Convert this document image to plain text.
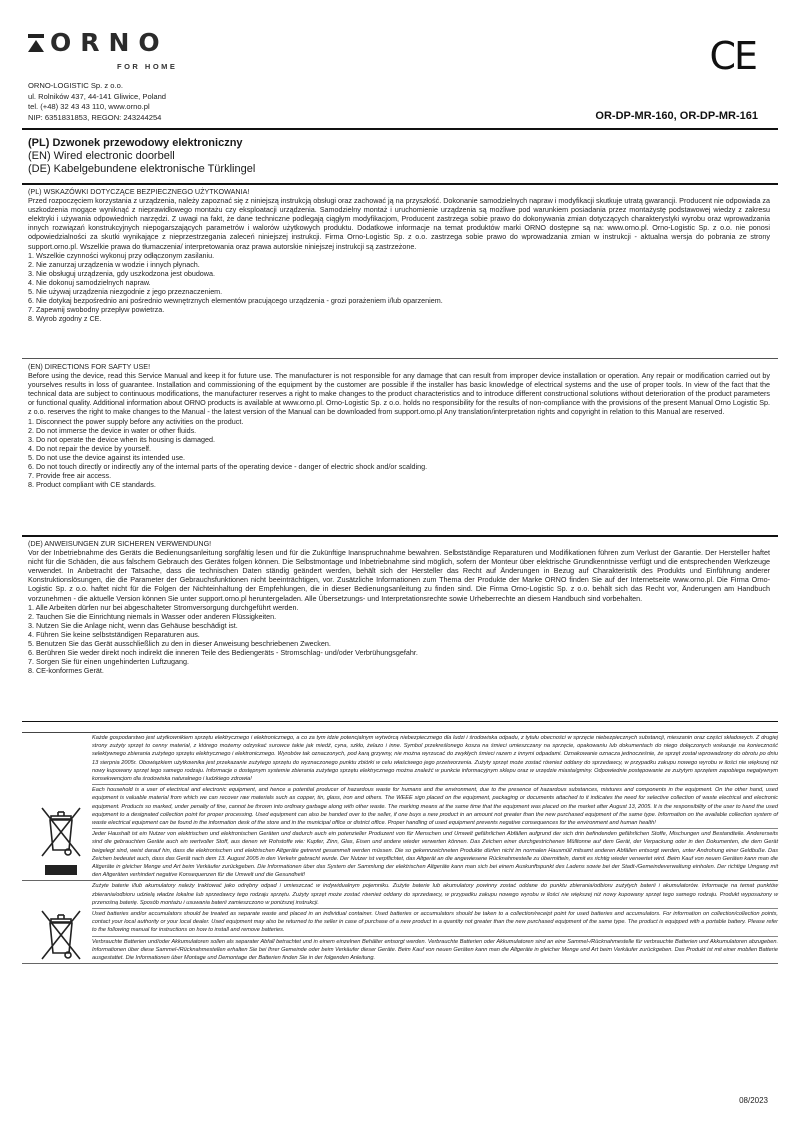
ORNO
FOR HOME
ORNO-LOGISTIC Sp. z o.o.
ul. Rolników 437, 44-141 Gliwice, Poland
tel. (+48) 32 43 43 110, www.orno.pl
NIP: 6351831853, REGON: 243244254
CE
OR-DP-MR-160, OR-DP-MR-161
(PL) Dzwonek przewodowy elektroniczny
(EN) Wired electronic doorbell
(DE) Kabelgebundene elektronische Türklingel
(PL) WSKAZÓWKI DOTYCZĄCE BEZPIECZNEGO UŻYTKOWANIA!
Przed rozpoczęciem korzystania z urządzenia, należy zapoznać się z niniejszą instrukcją obsługi oraz zachować ją na przyszłość. Dokonanie samodzielnych napraw i modyfikacji skutkuje utratą gwarancji. Producent nie odpowiada za uszkodzenia mogące wyniknąć z nieprawidłowego montażu czy eksploatacji urządzenia. Samodzielny montaż i uruchomienie urządzenia są możliwe pod warunkiem posiadania przez montażystę podstawowej wiedzy z zakresu elektryki i używania odpowiednich narzędzi. Z uwagi na fakt, że dane techniczne podlegają ciągłym modyfikacjom, Producent zastrzega sobie prawo do dokonywania zmian dotyczących charakterystyki wyrobu oraz wprowadzania innych rozwiązań konstrukcyjnych niepogarszających parametrów i walorów użytkowych produktu. Dodatkowe informacje na temat produktów marki ORNO dostępne są na: www.orno.pl. Orno-Logistic Sp. z o.o. nie ponosi odpowiedzialności za skutki wynikające z nieprzestrzegania zaleceń niniejszej instrukcji. Firma Orno-Logistic Sp. z o.o. zastrzega sobie prawo do wprowadzania zmian w instrukcji - aktualna wersja do pobrania ze strony support.orno.pl. Wszelkie prawa do tłumaczenia/ interpretowania oraz prawa autorskie niniejszej instrukcji są zastrzeżone.
1. Wszelkie czynności wykonuj przy odłączonym zasilaniu.
2. Nie zanurzaj urządzenia w wodzie i innych płynach.
3. Nie obsługuj urządzenia, gdy uszkodzona jest obudowa.
4. Nie dokonuj samodzielnych napraw.
5. Nie używaj urządzenia niezgodnie z jego przeznaczeniem.
6. Nie dotykaj bezpośrednio ani pośrednio wewnętrznych elementów pracującego urządzenia - grozi porażeniem i/lub oparzeniem.
7. Zapewnij swobodny przepływ powietrza.
8. Wyrob zgodny z CE.
(EN) DIRECTIONS FOR SAFTY USE!
Before using the device, read this Service Manual and keep it for future use. The manufacturer is not responsible for any damage that can result from improper device installation or operation. Any repair or modification carried out by yourselves results in loss of guarantee. Installation and commissioning of the equipment by the customer are possible if the installer has basic knowledge of electrical systems and the use of proper tools. In view of the fact that the technical data are subject to continuous modifications, the manufacturer reserves a right to make changes to the product characteristics and to introduce different constructional solutions without deterioration of the product parameters or functional quality. Additional information about ORNO products is available at www.orno.pl. Orno-Logistic Sp. z o.o. holds no responsibility for the results of non-compliance with the provisions of the present Manual Orno Logistic Sp. z o.o. reserves the right to make changes to the Manual - the latest version of the Manual can be downloaded from support.orno.pl Any translation/interpretation rights and copyright in relation to this Manual are reserved.
1. Disconnect the power supply before any activities on the product.
2. Do not immerse the device in water or other fluids.
3. Do not operate the device when its housing is damaged.
4. Do not repair the device by yourself.
5. Do not use the device against its intended use.
6. Do not touch directly or indirectly any of the internal parts of the operating device - danger of electric shock and/or scalding.
7. Provide free air access.
8. Product compliant with CE standards.
(DE) ANWEISUNGEN ZUR SICHEREN VERWENDUNG!
Vor der Inbetriebnahme des Geräts die Bedienungsanleitung sorgfältig lesen und für die Zukünftige Inanspruchnahme bewahren. Selbstständige Reparaturen und Modifikationen führen zum Verlust der Garantie. Der Hersteller haftet nicht für die Schäden, die aus falschem Gebrauch des Gerätes folgen können. Die Selbstmontage und Inbetriebnahme sind möglich, sofern der Monteur über elektrische Grundkenntnisse verfügt und die entsprechenden Werkzeuge verwendet. In Anbetracht der Tatsache, dass die technischen Daten ständig geändert werden, behält sich der Hersteller das Recht auf Änderungen in Bezug auf Charakteristik des Produkts und Einführung anderer Konstruktionslösungen, die die Parameter der Gebrauchsfunktionen nicht beeinträchtigen, vor. Zusätzliche Informationen zum Thema der Produkte der Marke ORNO finden Sie auf der Internetseite www.orno.pl. Die Firma Orno-Logistic Sp. z o.o. haftet nicht für die Folgen der Nichteinhaltung der Empfehlungen, die in dieser Bedienungsanleitung zu finden sind. Die Firma Orno-Logistic Sp. z o.o. behält sich das Recht vor, Änderungen am Handbuch vorzunehmen - die aktuelle Version können Sie unter support.orno.pl heruntergeladen. Alle Übersetzungs- und Interpretationsrechte sowie Urheberrechte an diesem Handbuch sind vorbehalten.
1. Alle Arbeiten dürfen nur bei abgeschalteter Stromversorgung durchgeführt werden.
2. Tauchen Sie die Einrichtung niemals in Wasser oder anderen Flüssigkeiten.
3. Nutzen Sie die Anlage nicht, wenn das Gehäuse beschädigt ist.
4. Führen Sie keine selbstständigen Reparaturen aus.
5. Benutzen Sie das Gerät ausschließlich zu den in dieser Anweisung beschriebenen Zwecken.
6. Berühren Sie weder direkt noch indirekt die inneren Teile des Bediengeräts - Stromschlag- und/oder Verbrühungsgefahr.
7. Sorgen Sie für einen ungehinderten Luftzugang.
8. CE-konformes Gerät.
Każde gospodarstwo jest użytkownikiem sprzętu elektrycznego i elektronicznego, a co za tym idzie potencjalnym wytwórcą niebezpiecznego dla ludzi i środowiska odpadu, z tytułu obecności w sprzęcie niebezpiecznych substancji, mieszanin oraz części składowych. Z drugiej strony zużyty sprzęt to cenny materiał, z którego możemy odzyskać surowce takie jak miedź, cyna, szkło, żelazo i inne. Symbol przekreślonego kosza na śmieci umieszczany na sprzęcie, opakowaniu lub dokumentach do niego dołączonych wskazuje na konieczność selektywnego zbierania zużytego sprzętu elektrycznego i elektronicznego. Wyrobów tak oznaczonych, pod karą grzywny, nie można wyrzucać do zwykłych śmieci razem z innymi odpadami. Oznakowanie oznacza jednocześnie, że sprzęt został wprowadzony do obrotu po dniu 13 sierpnia 2005r. Obowiązkiem użytkownika jest przekazanie zużytego sprzętu do wyznaczonego punktu zbiórki w celu właściwego jego przetworzenia. Zużyty sprzęt może zostać również oddany do sprzedawcy, w przypadku zakupu nowego wyrobu w ilości nie większej niż nowy kupowany sprzęt tego samego rodzaju. Informacje o dostępnym systemie zbierania zużytego sprzętu elektrycznego można znaleźć w punkcie informacyjnym sklepu oraz w urzędzie miasta/gminy. Odpowiednie postępowanie ze zużytym sprzętem zapobiega negatywnym konsekwencjom dla środowiska naturalnego i ludzkiego zdrowia!
Each household is a user of electrical and electronic equipment, and hence a potential producer of hazardous waste for humans and the environment, due to the presence of hazardous substances, mixtures and components in the equipment. On the other hand, used equipment is valuable material from which we can recover raw materials such as copper, tin, glass, iron and others. The WEEE sign placed on the equipment, packaging or documents attached to it indicates the need for selective collection of waste electrical and electronic equipment. Products so marked, under penalty of fine, cannot be thrown into ordinary garbage along with other waste. The marking means at the same time that the equipment was placed on the market after August 13, 2005. It is the responsibility of the user to hand the used equipment to a designated collection point for proper processing. Used equipment can also be handed over to the seller, if one buys a new product in an amount not greater than the new purchased equipment of the same type. Information on the available collection system of waste electrical equipment can be found in the information desk of the store and in the municipal office or district office. Proper handling of used equipment prevents negative consequences for the environment and human health!
Jeder Haushalt ist ein Nutzer von elektrischen und elektronischen Geräten und dadurch auch ein potenzieller Produzent von für Menschen und Umwelt gefährlichen Abfällen aufgrund der sich drin befindenden gefährlichen Stoffe, Mischungen und Bestandteile. Andererseits sind die gebrauchten Geräte auch ein wertvoller Stoff, aus denen wir Rohstoffe wie: Kupfer, Zinn, Glas, Eisen und andere wieder verwerten können. Das Zeichen einer durchgestrichenen Mülltonne auf dem Gerät, der Verpackung oder in den Dokumenten, die dem Gerät beigelegt sind, weist darauf hin, dass die elektronischen und elektrischen Altgeräte getrennt gesammelt werden müssen. Die so gekennzeichneten Produkte dürfen nicht im normalen Hausmüll mitsamt anderen Abfällen entsorgt werden, unter Androhung einer Geldbuße. Das Zeichen bedeutet auch, dass das Gerät nach dem 13. August 2005 in den Verkehr gebracht wurde. Der Nutzer ist verpflichtet, das Altgerät an die angewiesene Rücknahmestelle zu übermitteln, damit es richtig wieder verwertet wird. Beim Kauf von neuen Geräten kann man die Altgeräte in gleicher Menge und Art beim Verkäufer zurückgeben. Die Informationen über das System der Sammlung der elektrischen Altgeräte kann man sich bei einem Auskunftspunkt des Ladens sowie bei der Stadt-/Gemeindeverwaltung einholen. Der richtige Umgang mit den Altgeräten verhindert negative Konsequenzen für die Umwelt und die Gesundheit!
Zużyte baterie i/lub akumulatory należy traktować jako odrębny odpad i umieszczać w indywidualnym pojemniku. Zużyte baterie lub akumulatory powinny zostać oddane do punktu zbierania/odbioru zużytych baterii i akumulatorów. Informacje na temat punktów zbierania/odbioru udzielą władze lokalne lub sprzedawcy tego rodzaju sprzętu. Zużyty sprzęt może zostać również oddany do sprzedawcy, w przypadku zakupu nowego wyrobu w ilości nie większej niż nowy kupowany sprzęt tego samego rodzaju. Produkt wyposażony w przenośną baterię. Sposób montażu i usuwania baterii zamieszczono w poniższej instrukcji.
Used batteries and/or accumulators should be treated as separate waste and placed in an individual container. Used batteries or accumulators should be taken to a collection/receipt point for used batteries and accumulators. For information on collection/collection points, contact your local authority or your local dealer. Used equipment may also be returned to the seller in case of purchase of a new product in a quantity not greater than the new purchased equipment of the same type. The product is equipped with a portable battery. Please refer to the following manual for instructions on how to install and remove batteries.
Verbrauchte Batterien und/oder Akkumulatoren sollen als separater Abfall betrachtet und in einem einzelnen Behälter entsorgt werden. Verbrauchte Batterien oder Akkumulatoren sind an eine Sammel-/Rücknahmestelle für verbrauchte Batterien und Akkumulatoren abzugeben. Informationen über diese Sammel-/Rücknahmestellen erhalten Sie bei Ihrer Gemeinde oder beim Verkäufer dieser Geräte. Beim Kauf von neuen Geräten kann man die Altgeräte in gleicher Menge und Art beim Verkäufer zurückgeben. Das Produkt ist mit einer mobilen Batterie ausgestattet. Die Informationen über Montage und Demontage der Batterien finden Sie in der folgenden Anleitung.
08/2023
